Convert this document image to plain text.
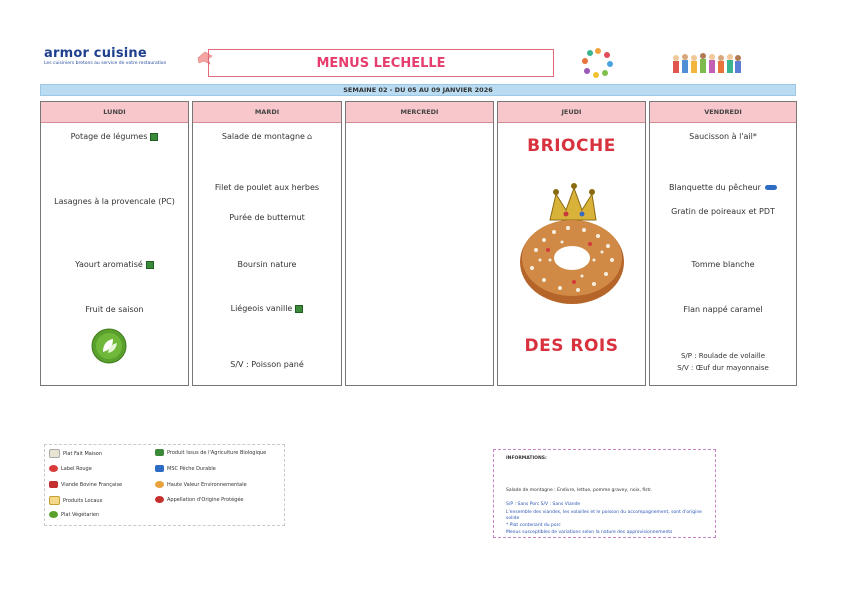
armor cuisine
Les cuisiniers bretons au service de votre restauration	MENUS LECHELLE
SEMAINE 02 - DU 05 AU 09 JANVIER 2026
LUNDI
Potage de légumes
Lasagnes à la provencale (PC)
Yaourt aromatisé
Fruit de saison
MARDI
Salade de montagne ⌂
Filet de poulet aux herbes
Purée de butternut
Boursin nature
Liégeois vanille
S/V : Poisson pané
MERCREDI	JEUDI
BRIOCHE
DES ROIS
VENDREDI
Saucisson à l'ail*
Blanquette du pêcheur
Gratin de poireaux et PDT
Tomme blanche
Flan nappé caramel
S/P : Roulade de volaille
S/V : Œuf dur mayonnaise
Plat Fait Maison
Label Rouge
Viande Bovine Française
Produits Locaux
Plat Végétarien
Produit Issus de l'Agriculture Biologique
MSC Pêche Durable
Haute Valeur Environnementale
Appellation d'Origine Protégée
INFORMATIONS:
Salade de montagne : Endivre, lettue, pomme gravey, noix, fistr.
S/P : Sans Porc S/V : Sans Viande
L'ensemble des viandes, les volailles et le poisson du accompagnement, sont d'origine
solide
* Plat contenant du porc
Menus susceptibles de variations selon la nature des approvisionnements
